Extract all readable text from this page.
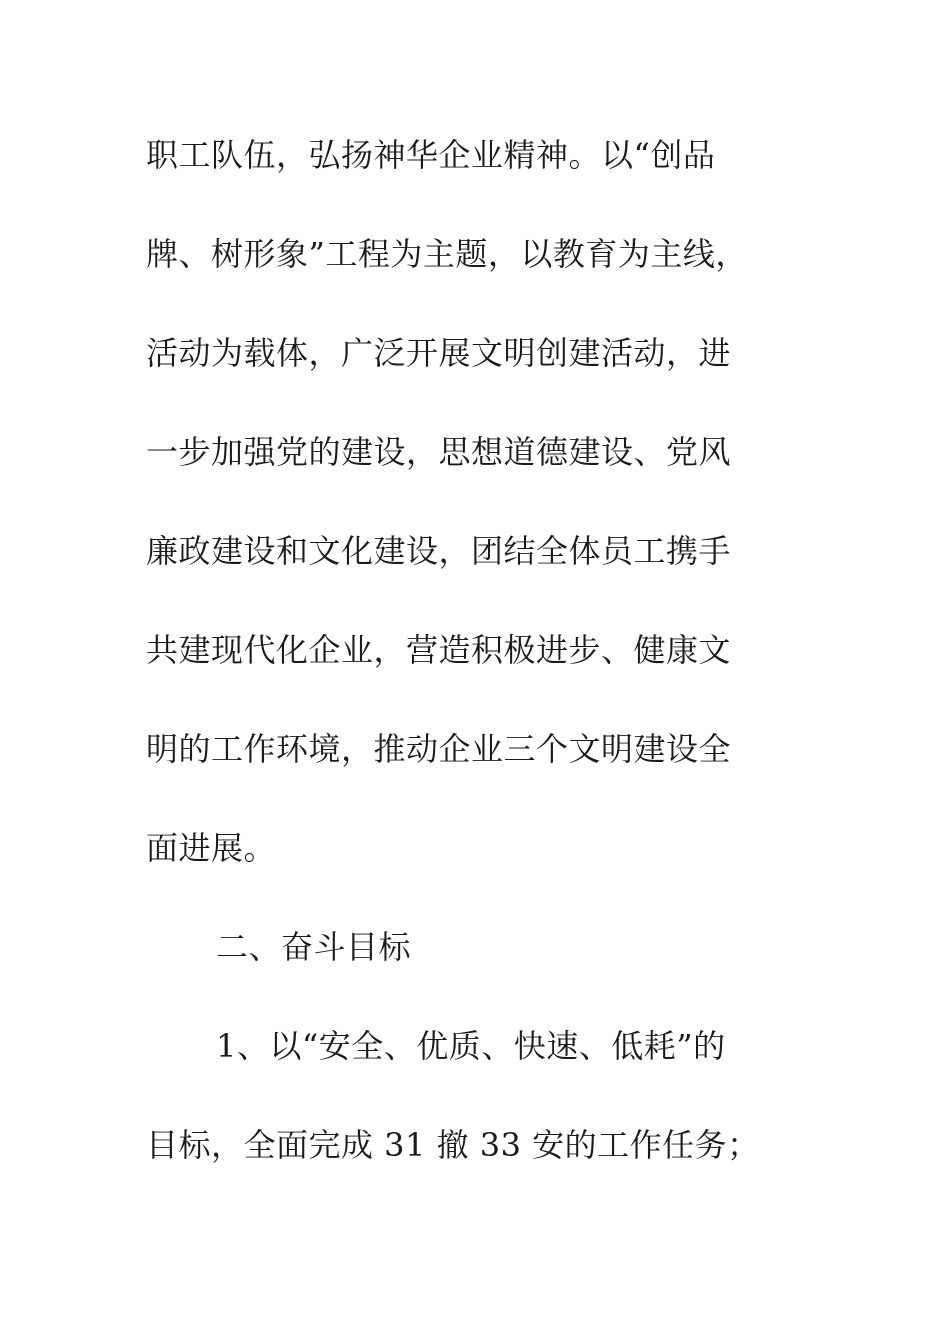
职工队伍，弘扬神华企业精神。以“创品
牌、树形象”工程为主题，以教育为主线，
活动为载体，广泛开展文明创建活动，进
一步加强党的建设，思想道德建设、党风
廉政建设和文化建设，团结全体员工携手
共建现代化企业，营造积极进步、健康文
明的工作环境，推动企业三个文明建设全
面进展。
二、奋斗目标
1、以“安全、优质、快速、低耗”的
目标，全面完成 31 撤 33 安的工作任务；
